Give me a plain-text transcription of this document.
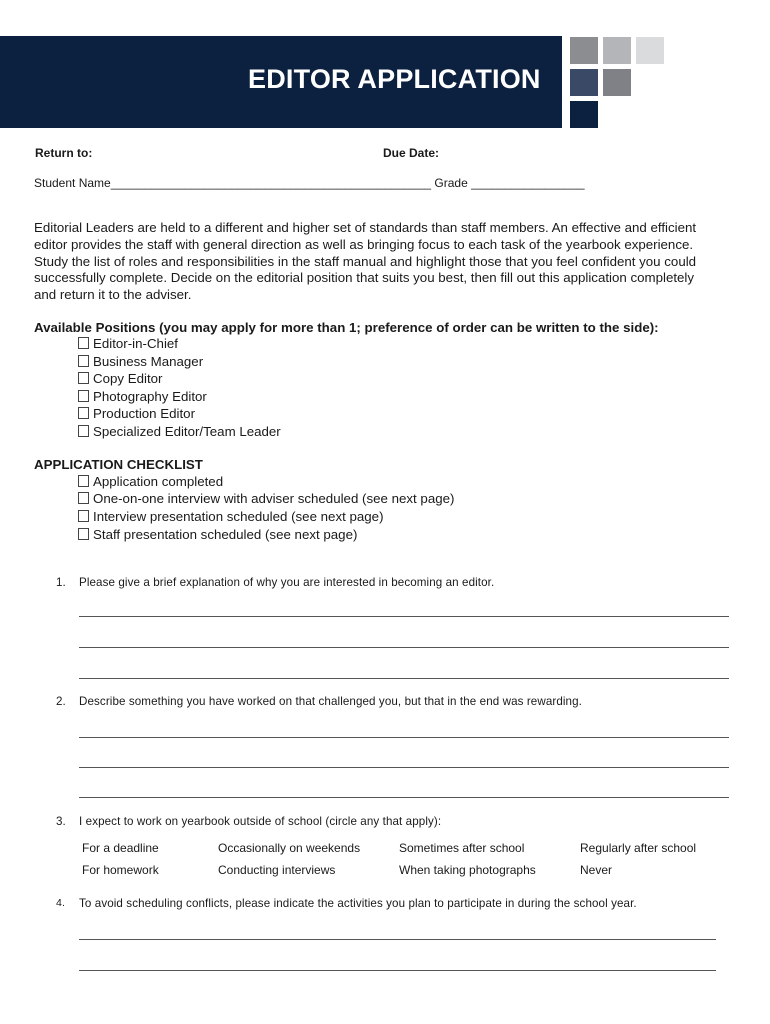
EDITOR APPLICATION
Return to:	Due Date:
Student Name________________________________________________ Grade _________________
Editorial Leaders are held to a different and higher set of standards than staff members. An effective and efficient
editor provides the staff with general direction as well as bringing focus to each task of the yearbook experience.
Study the list of roles and responsibilities in the staff manual and highlight those that you feel confident you could
successfully complete. Decide on the editorial position that suits you best, then fill out this application completely
and return it to the adviser.
Available Positions (you may apply for more than 1; preference of order can be written to the side):
Editor-in-Chief
Business Manager
Copy Editor
Photography Editor
Production Editor
Specialized Editor/Team Leader
APPLICATION CHECKLIST
Application completed
One-on-one interview with adviser scheduled (see next page)
Interview presentation scheduled (see next page)
Staff presentation scheduled (see next page)
1. Please give a brief explanation of why you are interested in becoming an editor.
2. Describe something you have worked on that challenged you, but that in the end was rewarding.
3. I expect to work on yearbook outside of school (circle any that apply):
For a deadline	Occasionally on weekends	Sometimes after school	Regularly after school
For homework	Conducting interviews	When taking photographs	Never
4. To avoid scheduling conflicts, please indicate the activities you plan to participate in during the school year.
